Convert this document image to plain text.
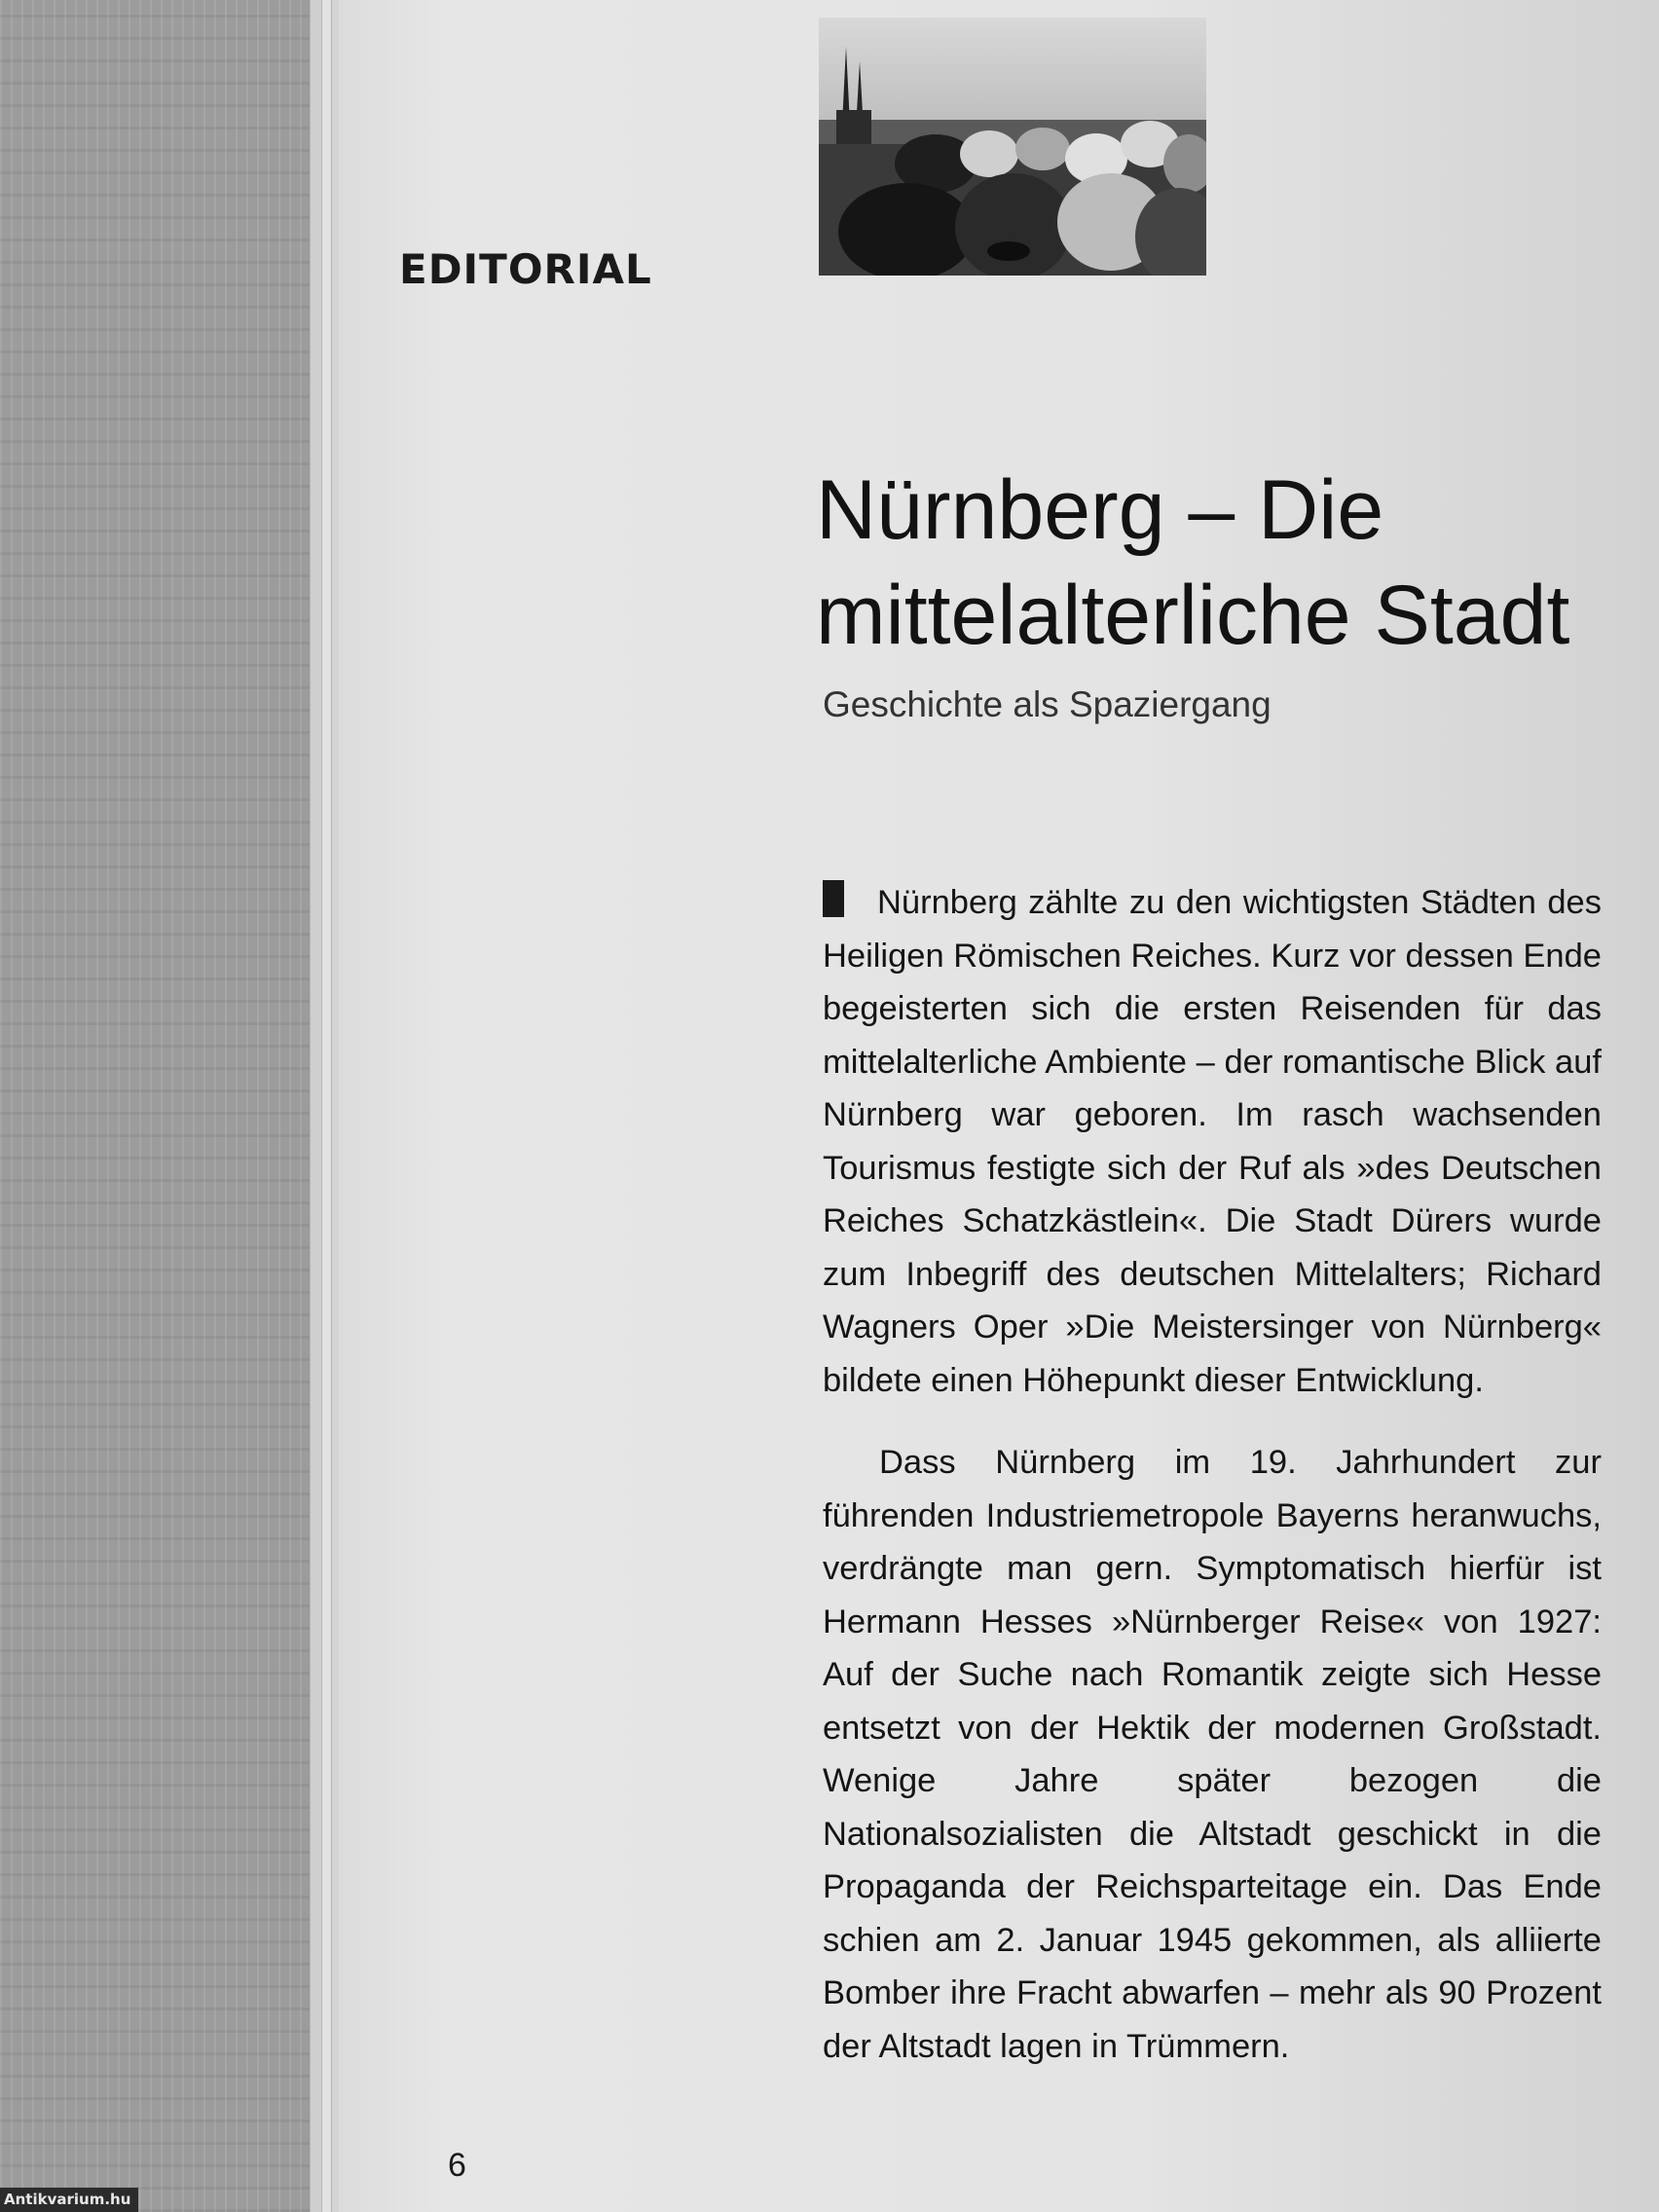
EDITORIAL
Nürnberg – Die
mittelalterliche Stadt

Geschichte als Spaziergang

Nürnberg zählte zu den wichtigsten Städten des Heiligen Römischen Reiches. Kurz vor dessen Ende begeisterten sich die ersten Reisenden für das mittelalterliche Ambiente – der romantische Blick auf Nürnberg war geboren. Im rasch wachsenden Tourismus festigte sich der Ruf als »des Deutschen Reiches Schatzkästlein«. Die Stadt Dürers wurde zum Inbegriff des deutschen Mittelalters; Richard Wagners Oper »Die Meistersinger von Nürnberg« bildete einen Höhepunkt dieser Entwicklung.

Dass Nürnberg im 19. Jahrhundert zur führenden Industriemetropole Bayerns heranwuchs, verdrängte man gern. Symptomatisch hierfür ist Hermann Hesses »Nürnberger Reise« von 1927: Auf der Suche nach Romantik zeigte sich Hesse entsetzt von der Hektik der modernen Großstadt. Wenige Jahre später bezogen die Nationalsozialisten die Altstadt geschickt in die Propaganda der Reichsparteitage ein. Das Ende schien am 2. Januar 1945 gekommen, als alliierte Bomber ihre Fracht abwarfen – mehr als 90 Prozent der Altstadt lagen in Trümmern.

6

Antikvarium.hu
